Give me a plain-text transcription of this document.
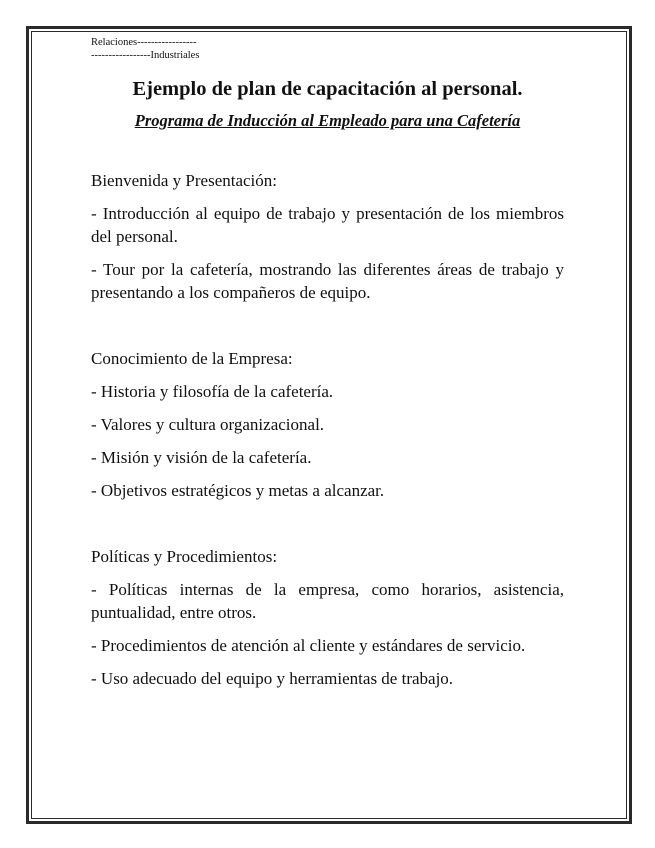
Relaciones-----------------

-----------------Industriales

Ejemplo de plan de capacitación al personal.
Programa de Inducción al Empleado para una Cafetería

Bienvenida y Presentación:

- Introducción al equipo de trabajo y presentación de los miembros del personal.

- Tour por la cafetería, mostrando las diferentes áreas de trabajo y presentando a los compañeros de equipo.

Conocimiento de la Empresa:

- Historia y filosofía de la cafetería.

- Valores y cultura organizacional.

- Misión y visión de la cafetería.

- Objetivos estratégicos y metas a alcanzar.

Políticas y Procedimientos:

- Políticas internas de la empresa, como horarios, asistencia, puntualidad, entre otros.

- Procedimientos de atención al cliente y estándares de servicio.

- Uso adecuado del equipo y herramientas de trabajo.
